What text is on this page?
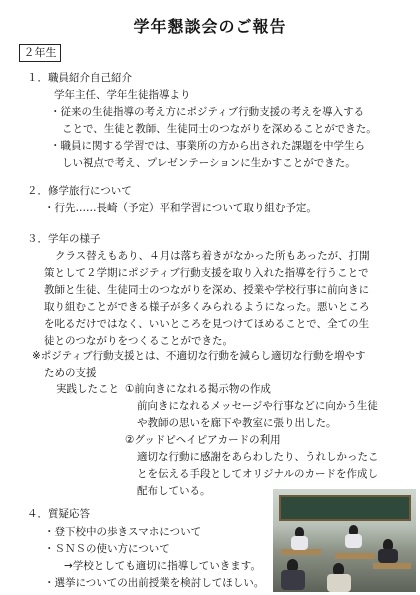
学年懇談会のご報告
２年生
１．職員紹介自己紹介
学年主任、学年生徒指導より
・従来の生徒指導の考え方にポジティブ行動支援の考えを導入する
ことで、生徒と教師、生徒同士のつながりを深めることができた。
・職員に関する学習では、事業所の方から出された課題を中学生ら
しい視点で考え、プレゼンテーションに生かすことができた。
２．修学旅行について
・行先‥‥‥長崎（予定）平和学習について取り組む予定。
３．学年の様子
クラス替えもあり、４月は落ち着きがなかった所もあったが、打開
策として２学期にポジティブ行動支援を取り入れた指導を行うことで
教師と生徒、生徒同士のつながりを深め、授業や学校行事に前向きに
取り組むことができる様子が多くみられるようになった。悪いところ
を叱るだけではなく、いいところを見つけてほめることで、全ての生
徒とのつながりをつくることができた。
※ポジティブ行動支援とは、不適切な行動を減らし適切な行動を増やす
ための支援
実践したこと ①前向きになれる掲示物の作成
前向きになれるメッセージや行事などに向かう生徒
や教師の思いを廊下や教室に張り出した。
②グッドピヘイピアカードの利用
適切な行動に感謝をあらわしたり、うれしかったこ
とを伝える手段としてオリジナルのカードを作成し
配布している。
４．質疑応答
・登下校中の歩きスマホについて
・ＳＮＳの使い方について
→学校としても適切に指導していきます。
・選挙についての出前授業を検討してほしい。
